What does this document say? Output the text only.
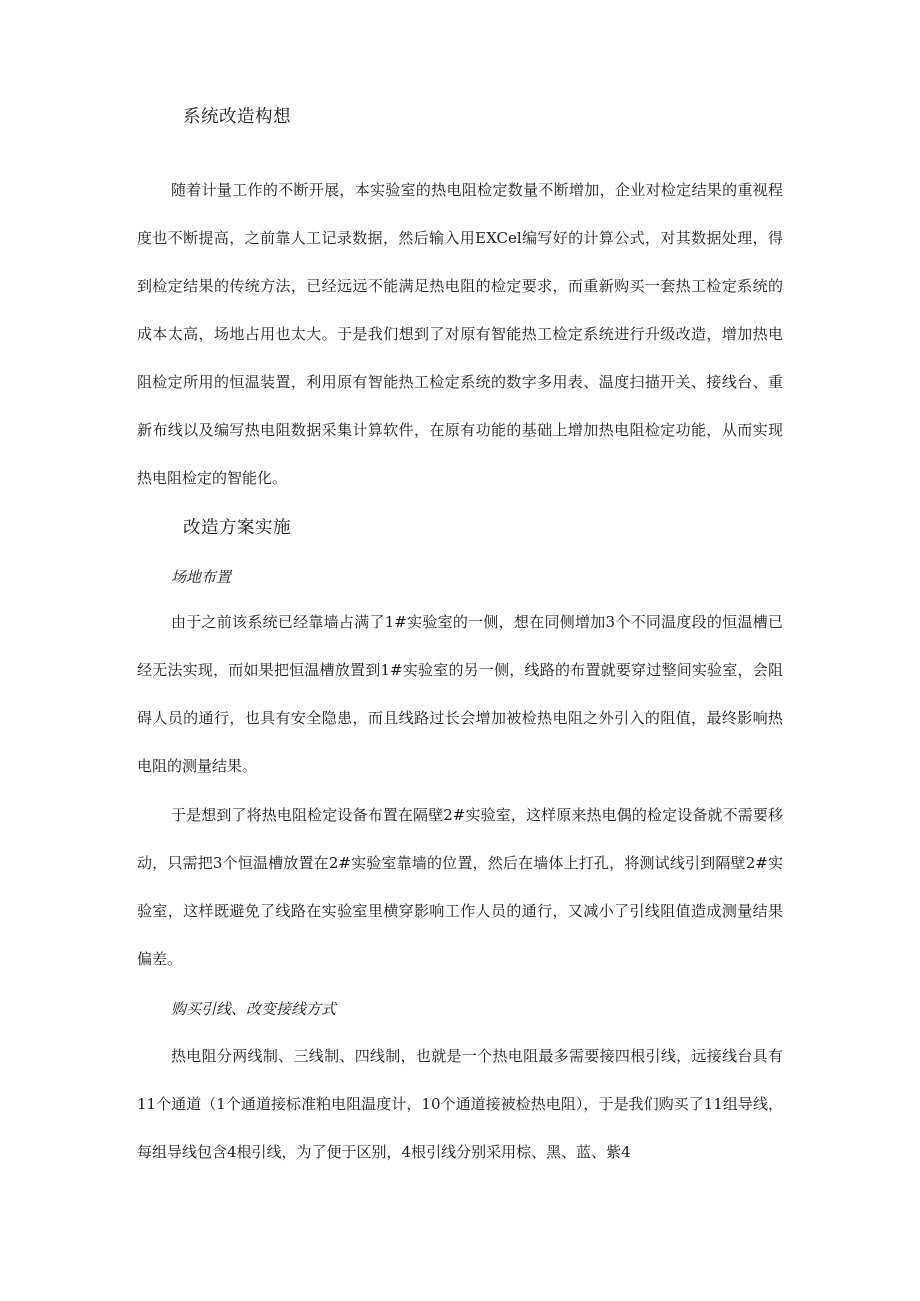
系统改造构想
随着计量工作的不断开展，本实验室的热电阻检定数量不断增加，企业对检定结果的重视程
度也不断提高，之前靠人工记录数据，然后输入用EXCel编写好的计算公式，对其数据处理，得
到检定结果的传统方法，已经远远不能满足热电阻的检定要求，而重新购买一套热工检定系统的
成本太高，场地占用也太大。于是我们想到了对原有智能热工检定系统进行升级改造，增加热电
阻检定所用的恒温装置，利用原有智能热工检定系统的数字多用表、温度扫描开关、接线台、重
新布线以及编写热电阻数据采集计算软件，在原有功能的基础上增加热电阻检定功能，从而实现
热电阻检定的智能化。
改造方案实施
场地布置
由于之前该系统已经靠墙占满了1#实验室的一侧，想在同侧增加3个不同温度段的恒温槽已
经无法实现，而如果把恒温槽放置到1#实验室的另一侧，线路的布置就要穿过整间实验室，会阻
碍人员的通行，也具有安全隐患，而且线路过长会增加被检热电阻之外引入的阻值，最终影响热
电阻的测量结果。
于是想到了将热电阻检定设备布置在隔壁2#实验室，这样原来热电偶的检定设备就不需要移
动，只需把3个恒温槽放置在2#实验室靠墙的位置，然后在墙体上打孔，将测试线引到隔壁2#实
验室，这样既避免了线路在实验室里横穿影响工作人员的通行，又减小了引线阻值造成测量结果
偏差。
购买引线、改变接线方式
热电阻分两线制、三线制、四线制，也就是一个热电阻最多需要接四根引线，远接线台具有
11个通道（1个通道接标准粕电阻温度计，10个通道接被检热电阻），于是我们购买了11组导线，
每组导线包含4根引线，为了便于区别，4根引线分别采用棕、黑、蓝、紫4
